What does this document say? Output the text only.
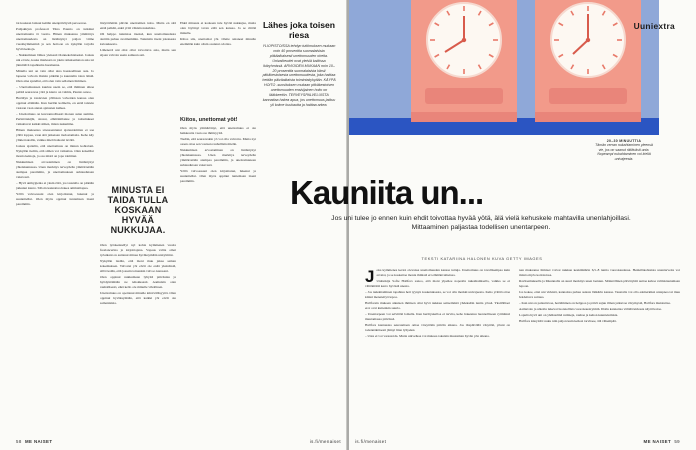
tai koskaan lainaut ketään unenpäiväystä persoonaa.

Pohjakirjan professori Tiina Paunio on tutkinut unettomuutta tä vuotta. Hänen mukaansa ymmärrys unettomuudesta on lisääntynyt paljon viime vuosikymmeninä ja sen hoitoon on nykyään tarjolla hyviä keinoja.

– Nukkumisen lähtee yleisesti tilannekohtaiseksi. Joskus uni ei tule, koska mielessä on jokin ratkaisematon asia tai jännittävä tapahtuma huomenna.

Minulla uni on vain ollut aina haasteellinen asia. Jo lapsena valvoin iltaisin pitkään ja kuuntelin talon ääniä. Olen aina ajatellut, että olen vain sellainen ihminen.

– Unettomuuteen kuuluu usein se, että ihminen alkaa pelätä seuraavaa yötä ja kierre on valmis, Paunio sanoo.

Heräilyn ja toistuvien yöllisten valveiden kanssa olen oppinut elämään. Kun herään kolmelta, en enää taistele vastaan vaan annan ajatusten kulkea.

– Unettomuus on kuvaannollisesti monen asian summa. Perintötekijät, stressi, elämäntilanne ja tottumukset vaikuttavat kaikki siihen, miten nukumme.

Hänen mukaansa stressaantunut ajatustoiminta ei saa yöllä loppua, vaan sitä jatketaan tiedostamatta. Keho käy ylikierroksilla, vaikka mieli haluaisi levätä.

Joskus ajattelin, että unettomuus on minun kohtaloni. Nykyään tiedän, että siihen voi vaikuttaa. Olen kokeillut monia keinoja, ja osa niistä on jopa toiminut.

Nukkumisen arvostaminen on lisääntynyt yhteiskunnassa. Unen merkitys terveydelle ymmärretään aiempaa paremmin, ja unettomuuteen suhtaudutaan vakavasti.

– Hyvä unihygienia ei yksin riitä, jos taustalla on pitkään jatkunut kierre. Silloin kannattaa hakea ammattiapua.

Yöllä valvoessani olen kirjoittanut, lukenut ja suunnitellut. Olen myös oppinut tuntemaan itseni paremmin.

MINUSTA EI TAIDA TULLA KOSKAAN HYVÄÄ NUKKUJAA.

lintyöttömän päivän unettomien tulos. Mutta en sitä enää pelkää, enkä yritä väkisin nukahtaa.

Oli helppo tunnistaa itsensä, kun unettomuudesta alettiin puhua avoimemmin. Tunnistin itseni jokaisesta kuvauksesta.

Lähenevä uni olisi ollut toivottava asia, mutta sen sijaan valvoin usein aamuun asti.

Olen työskennellyt nyt kohta kymmenen vuotta freelancerina ja kirjoittajana. Vapaus valita omat työaikani on auttanut minua hyväksymään unirytmini.

Nykyään tiedän, että moni muu jakaa saman kokemuksen. Valvotut yöt eivät ole enää yksinäisiä, sillä tiedän, että jossain toinenkin valvoo kanssani.

Olen oppinut nukkumaan lyhyitä päiväunia ja hyödyntämään ne tehokkaasti. Aamuisin otan rauhallisesti, eikä kello ole minulle vihollinen.

Unettomuus on opettanut minulle kärsivällisyyttä. Olen oppinut hyväksymään, että kaikki yöt eivät ole samanlaisia.

Kiitos, unettomat yöt!

Ehkä minusta ei koskaan tule hyvää nukkujaa, mutta olen löytänyt tavan elää sen kanssa. Ja se riittää minulle.

Kiitos siis, unettomat yöt. Olette antaneet minulle enemmän kuin olisin osannut odottaa.

Olen myös ymmärtänyt, että unettomuus ei ole heikkoutta vaan osa ihmisyyttä.

Tiedän, että seuraavakin yö voi olla valvottu. Mutta nyt osaan ottaa sen vastaan rauhallisin mielin.

Nukkumisen arvostaminen on lisääntynyt yhteiskunnassa. Unen merkitys terveydelle ymmärretään aiempaa paremmin, ja unettomuuteen suhtaudutaan vakavasti.

Yöllä valvoessani olen kirjoittanut, lukenut ja suunnitellut. Olen myös oppinut tuntemaan itseni paremmin.

Lähes joka toisen riesa
YLIOPISTOISSA tehdyn tutkimuksen mukaan noin 40 prosenttia suomalaisista pitkäaikaisesti unettomuuden oireita. Univaikeudet ovat yleisiä kaikissa ikäryhmissä. ARVIOIDEN MUKAAN noin 10–20 prosenttia suomalaisista kärsii pitkäkestoisesta unettomuudesta, joka haittaa heidän päiväaikaista toimintakykyään. KÄYPÄ HOITO -suosituksen mukaan pitkäkestoisen unettomuuden ensisijainen hoito on lääkkeetön. TERVEYSPALVELUISTA kannattaa hakea apua, jos unettomuus jatkuu yli kolme kuukautta ja haittaa arkea.
58 ME NAISET	is.fi/menaiset
Uuniextra
20–30 MINUUTTIA
Tämän verran nukahtaminen yleensä vie, jos on saanut riittävästi unta. Nopeampi nukahtaminen voi kieliä univajeesta.
J oka kymmenes kertoi olevansa unettomuuden kanssa tuttuja. Unettomuus on tavallisempaa kuin arvaisi, ja se koskettaa monia ihmisiä eri elämänvaiheissa.

Unitutkija Sofie Hallfors sanoo, että moni ylpeilee nopealla nukahtamisella, vaikka se ei välttämättä kerro hyvästä unesta.

– Jos nukahtaminen tapahtuu heti tyynyn kosketuksesta, se voi olla merkki univajeesta. Keho yrittää ottaa kiinni menetettyä lepoa.

Hallforsin mukaan aikuisen ihmisen olisi hyvä nukkua seitsemästä yhdeksään tuntia yössä. Yksilölliset erot ovat kuitenkin suuria.

– Unentarpeen voi selvittää lomalla. Kun herätyskelloa ei tarvita, keho hakeutuu luonnolliseen rytmiinsä muutamassa päivässä.

Hallfors kannustaa seuraamaan omaa vireyttään päivän aikana. Jos iltapäivällä väsyttää, yöuni on todennäköisesti jäänyt liian lyhyeksi.

– Unta ei voi varastoida. Mutta univelkaa voi maksaa takaisin muutaman hyvän yön aikana.

nen mukaansa ihmiset voivat nukkua keskimäärin 6,5–8 tuntia vuorokaudessa. Henkilökohtaista unentarvetta voi mitata myös kotioloissa.

Ravitsemuksella ja liikunnalla on suuri merkitys unen laatuun. Säännöllinen päivärytmi auttaa kehoa valmistautumaan lepoon.

Jos kokee, ettei uni virkistä, kannattaa puhua asiasta lääkärin kanssa. Taustalla voi olla esimerkiksi uniapnea tai muu hoidettava sairaus.

– Kun uni on palauttavaa, herääminen on helppoa ja päivä sujuu ilman jatkuvaa väsymystä, Hallfors muistuttaa.

Aamuvalo ja ulkoilu tukevat luonnollista vuorokausirytmiä. Illalla kannattaa välttää kirkasta näyttövaloa.

Lopulta hyvä uni on yhdistelmä rutiineja, rauhaa ja kehon kuuntelemista.

Hallfors kiteyttää: nuku niin paljon kuin kehosi tarvitsee, älä vähempää.

is.fi/menaiset	ME NAISET 59
Kauniita un...
Jos uni tulee jo ennen kuin ehdit toivottaa hyvää yötä, älä vielä kehuskele mahtavilla unenlahjoillasi. Mittaaminen paljastaa todellisen unentarpeen.
TEKSTI KATARIINA HALONEN KUVA GETTY IMAGES
